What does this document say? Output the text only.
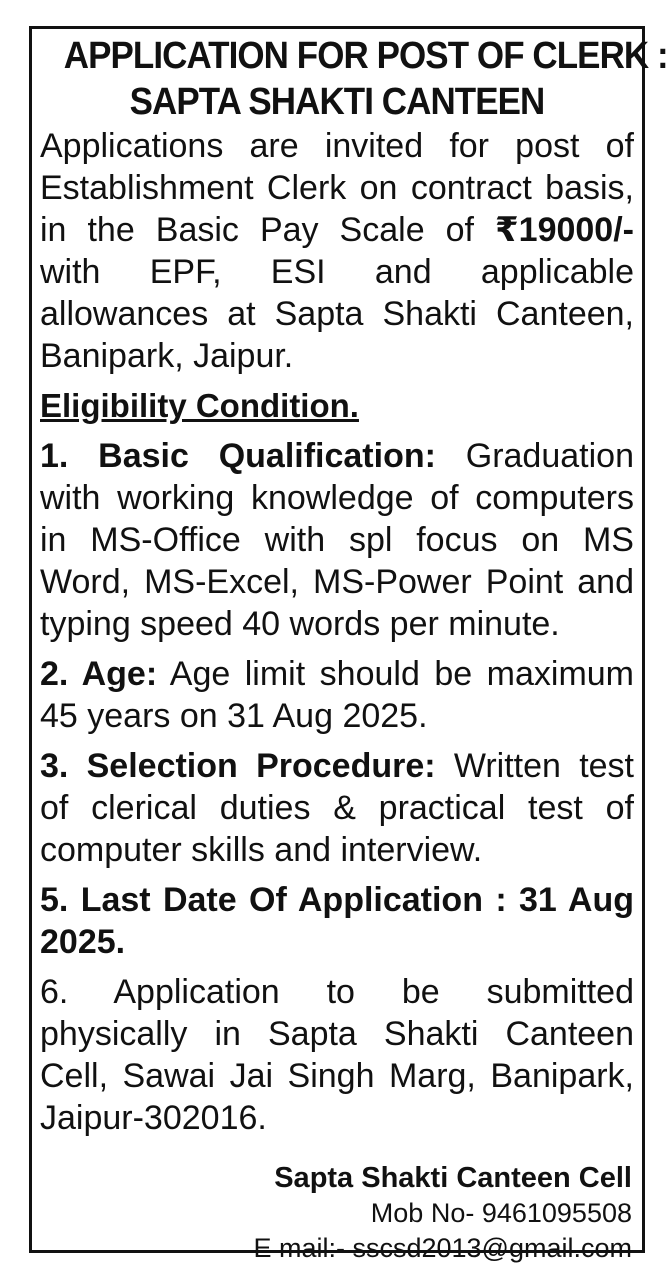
APPLICATION FOR POST OF CLERK :
SAPTA SHAKTI CANTEEN

Applications are invited for post of Establishment Clerk on contract basis, in the Basic Pay Scale of ₹19000/- with EPF, ESI and applicable allowances at Sapta Shakti Canteen, Banipark, Jaipur.

Eligibility Condition.

1. Basic Qualification: Graduation with working knowledge of computers in MS-Office with spl focus on MS Word, MS-Excel, MS-Power Point and typing speed 40 words per minute.

2. Age: Age limit should be maximum 45 years on 31 Aug 2025.

3. Selection Procedure: Written test of clerical duties & practical test of computer skills and interview.

5. Last Date Of Application : 31 Aug 2025.

6. Application to be submitted physically in Sapta Shakti Canteen Cell, Sawai Jai Singh Marg, Banipark, Jaipur-302016.

Sapta Shakti Canteen Cell
Mob No- 9461095508
E mail:- sscsd2013@gmail.com
